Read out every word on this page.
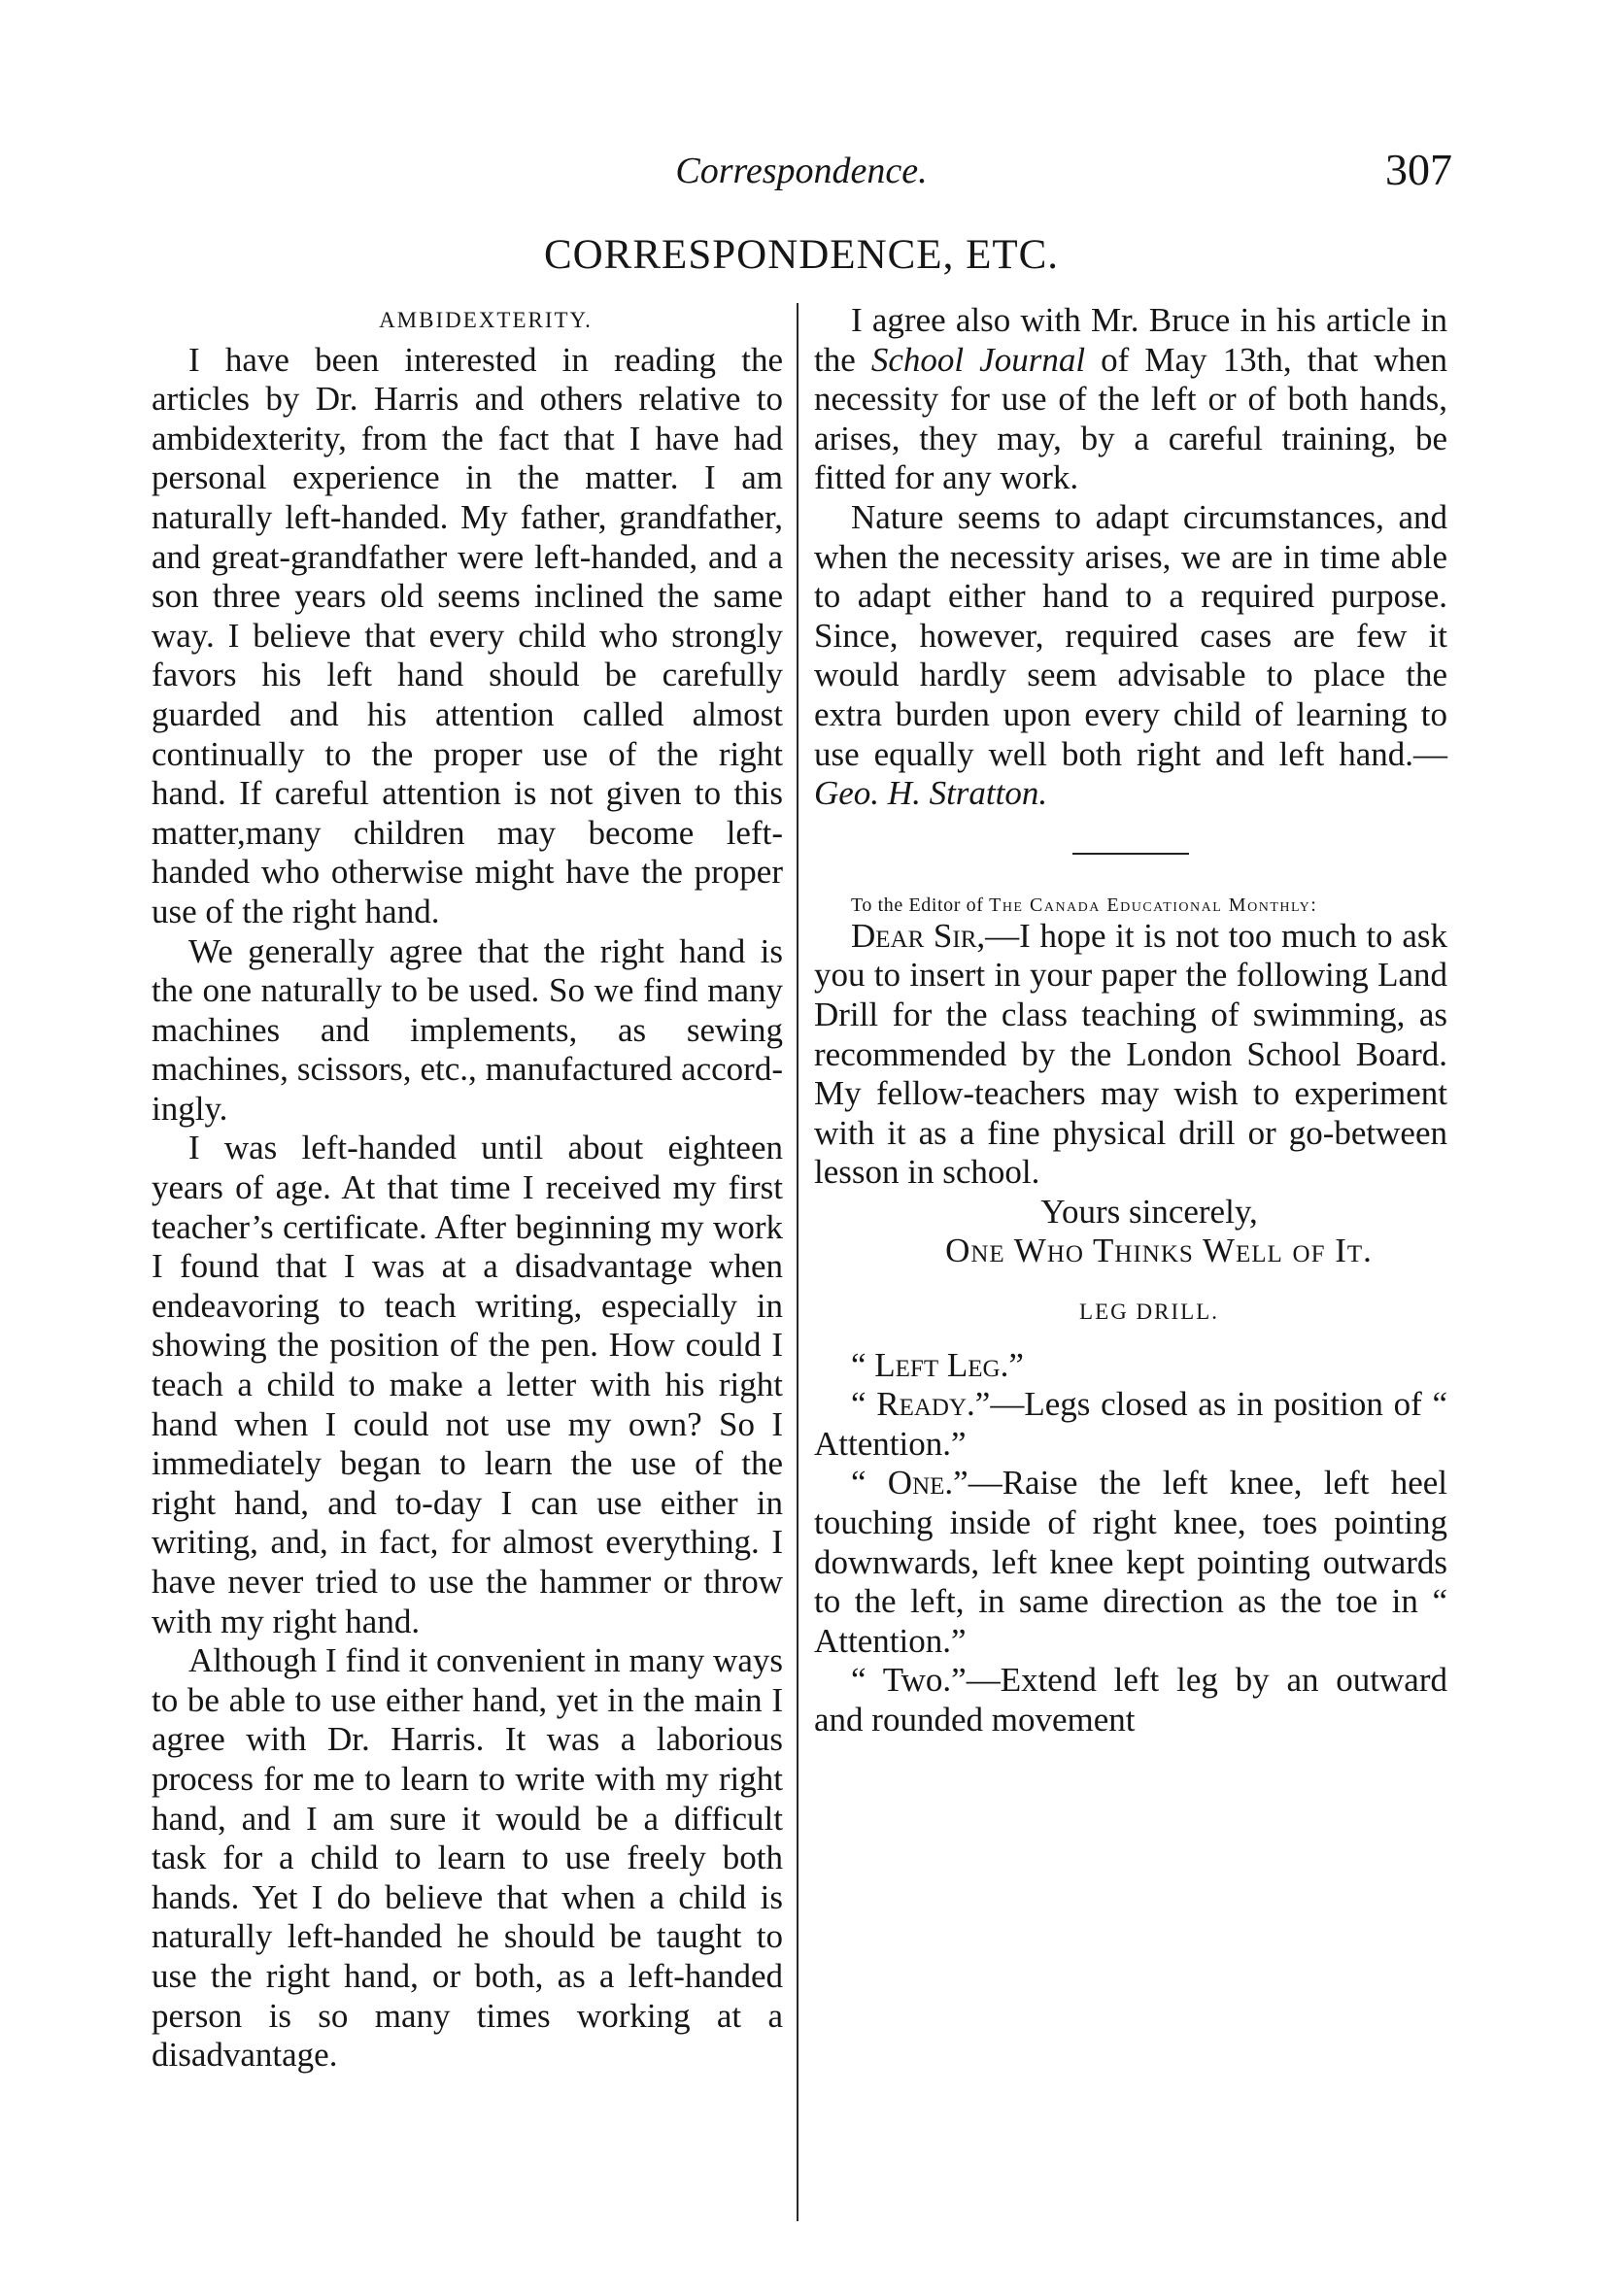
Correspondence.	307
CORRESPONDENCE, ETC.

AMBIDEXTERITY.

I have been interested in reading the articles by Dr. Harris and others relative to ambidexterity, from the fact that I have had personal experience in the matter. I am naturally left-handed. My father, grandfather, and great-grandfather were left-handed, and a son three years old seems inclined the same way. I believe that every child who strongly favors his left hand should be carefully guarded and his attention called almost continually to the proper use of the right hand. If careful attention is not given to this matter,many children may become left-handed who otherwise might have the proper use of the right hand.

We generally agree that the right hand is the one naturally to be used. So we find many machines and implements, as sewing machines, scissors, etc., manufactured accordingly.

I was left-handed until about eighteen years of age. At that time I received my first teacher’s certificate. After beginning my work I found that I was at a disadvantage when endeavoring to teach writing, especially in showing the position of the pen. How could I teach a child to make a letter with his right hand when I could not use my own? So I immediately began to learn the use of the right hand, and to-day I can use either in writing, and, in fact, for almost everything. I have never tried to use the hammer or throw with my right hand.

Although I find it convenient in many ways to be able to use either hand, yet in the main I agree with Dr. Harris. It was a laborious process for me to learn to write with my right hand, and I am sure it would be a difficult task for a child to learn to use freely both hands. Yet I do believe that when a child is naturally left-handed he should be taught to use the right hand, or both, as a left-handed person is so many times working at a disadvantage.

I agree also with Mr. Bruce in his article in the School Journal of May 13th, that when necessity for use of the left or of both hands, arises, they may, by a careful training, be fitted for any work.

Nature seems to adapt circumstances, and when the necessity arises, we are in time able to adapt either hand to a required purpose. Since, however, required cases are few it would hardly seem advisable to place the extra burden upon every child of learning to use equally well both right and left hand.—Geo. H. Stratton.

To the Editor of The Canada Educational Monthly:

Dear Sir,—I hope it is not too much to ask you to insert in your paper the following Land Drill for the class teaching of swimming, as recommended by the London School Board. My fellow-teachers may wish to experiment with it as a fine physical drill or go-between lesson in school.

Yours sincerely,

One Who Thinks Well of It.

LEG DRILL.

“ Left Leg.”

“ Ready.”—Legs closed as in position of “ Attention.”

“ One.”—Raise the left knee, left heel touching inside of right knee, toes pointing downwards, left knee kept pointing outwards to the left, in same direction as the toe in “ Attention.”

“ Two.”—Extend left leg by an outward and rounded movement
